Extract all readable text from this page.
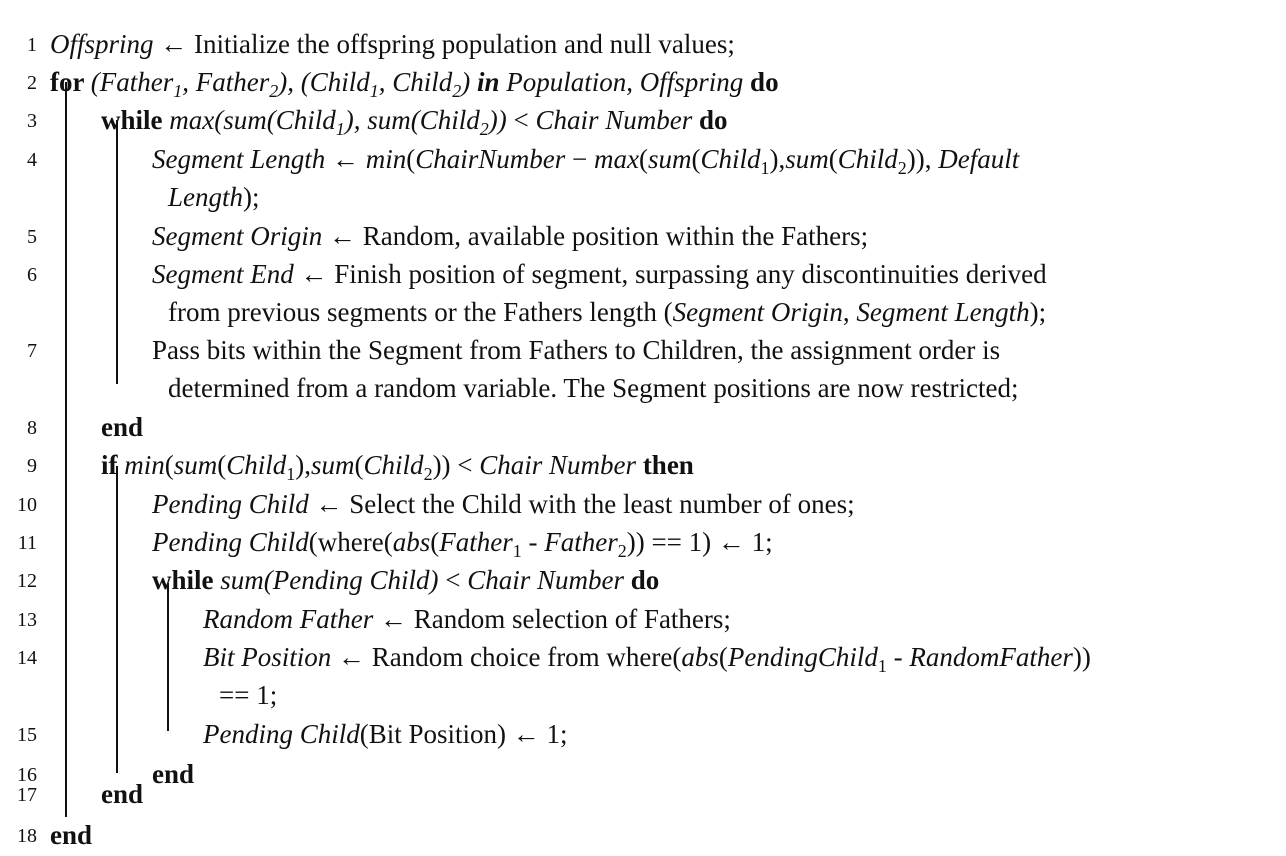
1 Offspring ← Initialize the offspring population and null values;
2 for (Father$_1$, Father$_2$), (Child$_1$, Child$_2$) in Population, Offspring do
3 while max(sum(Child$_1$), sum(Child$_2$)) < Chair Number do
4	Segment Length ← min(ChairNumber − max(sum(Child$_1$),sum(Child$_2$)), Default
Length);
5	Segment Origin ← Random, available position within the Fathers;
6	Segment End ← Finish position of segment, surpassing any discontinuities derived
from previous segments or the Fathers length (Segment Origin, Segment Length);
7	Pass bits within the Segment from Fathers to Children, the assignment order is
determined from a random variable. The Segment positions are now restricted;
8 end
9 if min(sum(Child$_1$),sum(Child$_2$)) < Chair Number then
10	Pending Child ← Select the Child with the least number of ones;
11	Pending Child(where(abs(Father$_1$ - Father$_2$)) == 1) ← 1;
12	while sum(Pending Child) < Chair Number do
13	Random Father ← Random selection of Fathers;
14	Bit Position ← Random choice from where(abs(PendingChild$_1$ - RandomFather))
== 1;
15	Pending Child(Bit Position) ← 1;
16	end
17 end
18 end
